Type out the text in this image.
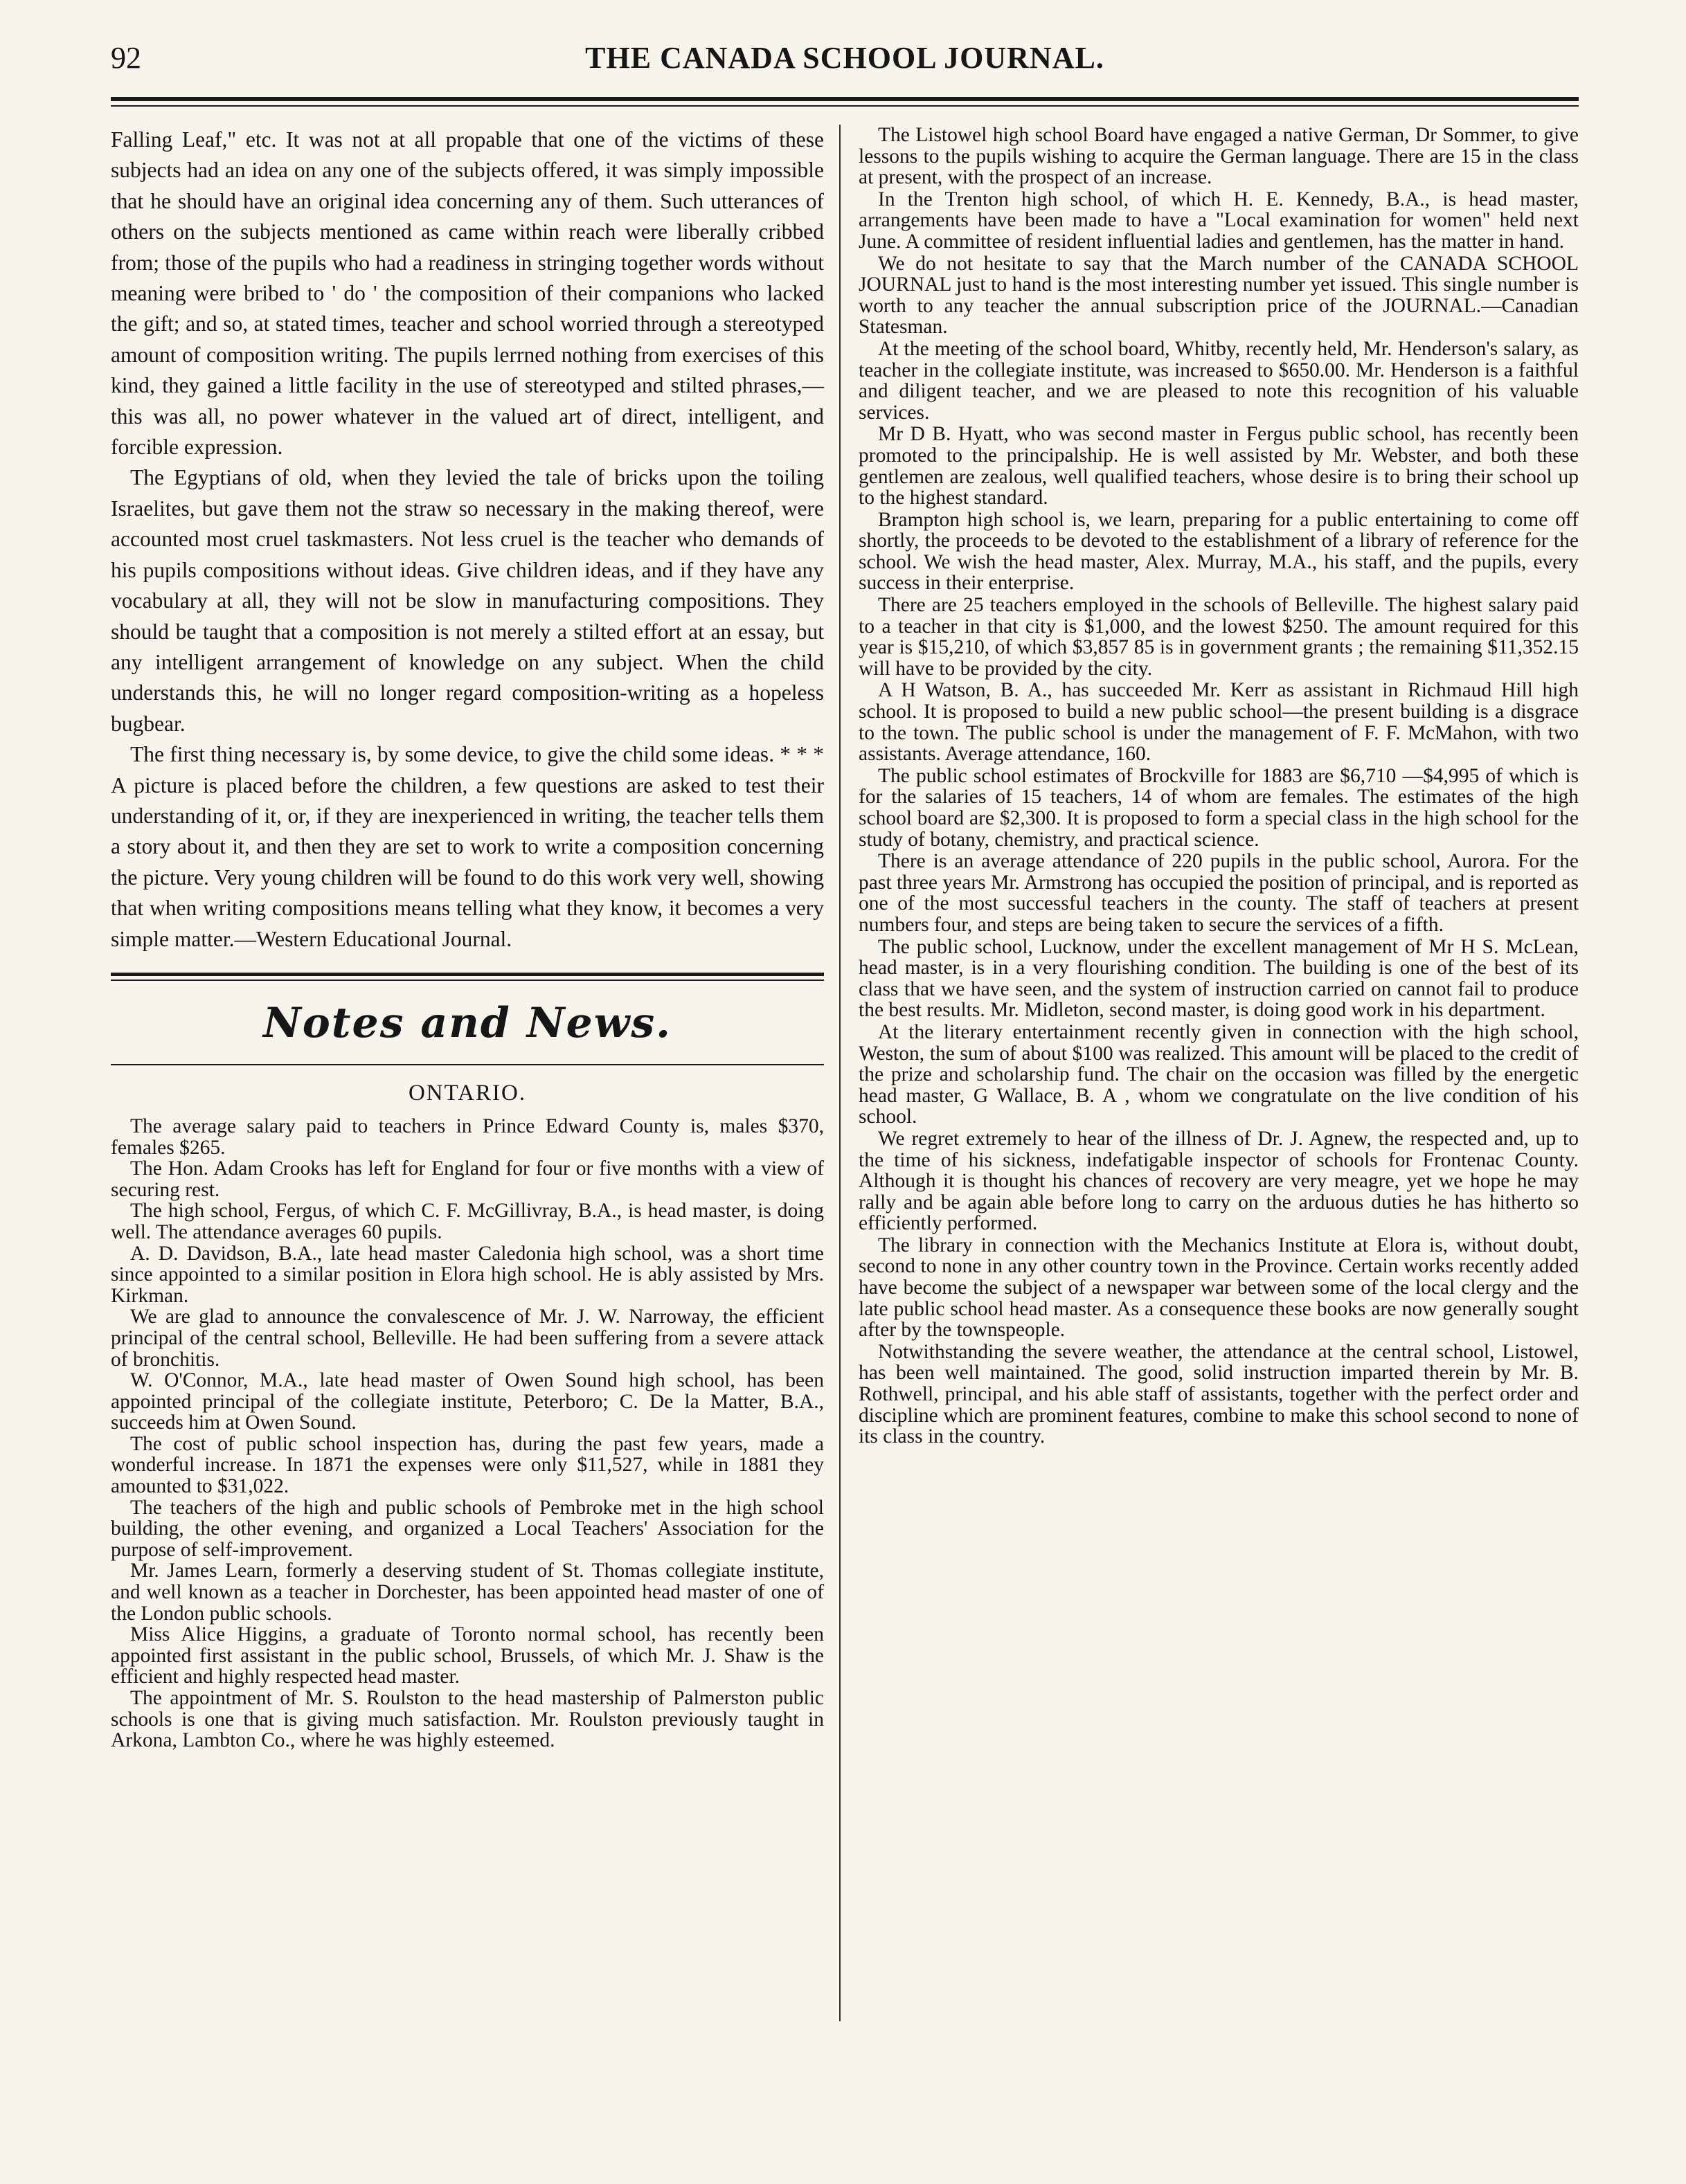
92	THE CANADA SCHOOL JOURNAL.

Falling Leaf," etc. It was not at all propable that one of the victims of these subjects had an idea on any one of the subjects offered, it was simply impossible that he should have an original idea concerning any of them. Such utterances of others on the subjects mentioned as came within reach were liberally cribbed from; those of the pupils who had a readiness in stringing together words without meaning were bribed to ' do ' the composition of their companions who lacked the gift; and so, at stated times, teacher and school worried through a stereotyped amount of composition writing. The pupils lerrned nothing from exercises of this kind, they gained a little facility in the use of stereotyped and stilted phrases,—this was all, no power whatever in the valued art of direct, intelligent, and forcible expression.

The Egyptians of old, when they levied the tale of bricks upon the toiling Israelites, but gave them not the straw so necessary in the making thereof, were accounted most cruel taskmasters. Not less cruel is the teacher who demands of his pupils compositions without ideas. Give children ideas, and if they have any vocabulary at all, they will not be slow in manufacturing compositions. They should be taught that a composition is not merely a stilted effort at an essay, but any intelligent arrangement of knowledge on any subject. When the child understands this, he will no longer regard composition-writing as a hopeless bugbear.

The first thing necessary is, by some device, to give the child some ideas. * * * A picture is placed before the children, a few questions are asked to test their understanding of it, or, if they are inexperienced in writing, the teacher tells them a story about it, and then they are set to work to write a composition concerning the picture. Very young children will be found to do this work very well, showing that when writing compositions means telling what they know, it becomes a very simple matter.—Western Educational Journal.

Notes and News.
ONTARIO.

The average salary paid to teachers in Prince Edward County is, males $370, females $265.

The Hon. Adam Crooks has left for England for four or five months with a view of securing rest.

The high school, Fergus, of which C. F. McGillivray, B.A., is head master, is doing well. The attendance averages 60 pupils.

A. D. Davidson, B.A., late head master Caledonia high school, was a short time since appointed to a similar position in Elora high school. He is ably assisted by Mrs. Kirkman.

We are glad to announce the convalescence of Mr. J. W. Narroway, the efficient principal of the central school, Belleville. He had been suffering from a severe attack of bronchitis.

W. O'Connor, M.A., late head master of Owen Sound high school, has been appointed principal of the collegiate institute, Peterboro; C. De la Matter, B.A., succeeds him at Owen Sound.

The cost of public school inspection has, during the past few years, made a wonderful increase. In 1871 the expenses were only $11,527, while in 1881 they amounted to $31,022.

The teachers of the high and public schools of Pembroke met in the high school building, the other evening, and organized a Local Teachers' Association for the purpose of self-improvement.

Mr. James Learn, formerly a deserving student of St. Thomas collegiate institute, and well known as a teacher in Dorchester, has been appointed head master of one of the London public schools.

Miss Alice Higgins, a graduate of Toronto normal school, has recently been appointed first assistant in the public school, Brussels, of which Mr. J. Shaw is the efficient and highly respected head master.

The appointment of Mr. S. Roulston to the head mastership of Palmerston public schools is one that is giving much satisfaction. Mr. Roulston previously taught in Arkona, Lambton Co., where he was highly esteemed.

The Listowel high school Board have engaged a native German, Dr Sommer, to give lessons to the pupils wishing to acquire the German language. There are 15 in the class at present, with the prospect of an increase.

In the Trenton high school, of which H. E. Kennedy, B.A., is head master, arrangements have been made to have a "Local examination for women" held next June. A committee of resident influential ladies and gentlemen, has the matter in hand.

We do not hesitate to say that the March number of the CANADA SCHOOL JOURNAL just to hand is the most interesting number yet issued. This single number is worth to any teacher the annual subscription price of the JOURNAL.—Canadian Statesman.

At the meeting of the school board, Whitby, recently held, Mr. Henderson's salary, as teacher in the collegiate institute, was increased to $650.00. Mr. Henderson is a faithful and diligent teacher, and we are pleased to note this recognition of his valuable services.

Mr D B. Hyatt, who was second master in Fergus public school, has recently been promoted to the principalship. He is well assisted by Mr. Webster, and both these gentlemen are zealous, well qualified teachers, whose desire is to bring their school up to the highest standard.

Brampton high school is, we learn, preparing for a public entertaining to come off shortly, the proceeds to be devoted to the establishment of a library of reference for the school. We wish the head master, Alex. Murray, M.A., his staff, and the pupils, every success in their enterprise.

There are 25 teachers employed in the schools of Belleville. The highest salary paid to a teacher in that city is $1,000, and the lowest $250. The amount required for this year is $15,210, of which $3,857 85 is in government grants ; the remaining $11,352.15 will have to be provided by the city.

A H Watson, B. A., has succeeded Mr. Kerr as assistant in Richmaud Hill high school. It is proposed to build a new public school—the present building is a disgrace to the town. The public school is under the management of F. F. McMahon, with two assistants. Average attendance, 160.

The public school estimates of Brockville for 1883 are $6,710 —$4,995 of which is for the salaries of 15 teachers, 14 of whom are females. The estimates of the high school board are $2,300. It is proposed to form a special class in the high school for the study of botany, chemistry, and practical science.

There is an average attendance of 220 pupils in the public school, Aurora. For the past three years Mr. Armstrong has occupied the position of principal, and is reported as one of the most successful teachers in the county. The staff of teachers at present numbers four, and steps are being taken to secure the services of a fifth.

The public school, Lucknow, under the excellent management of Mr H S. McLean, head master, is in a very flourishing condition. The building is one of the best of its class that we have seen, and the system of instruction carried on cannot fail to produce the best results. Mr. Midleton, second master, is doing good work in his department.

At the literary entertainment recently given in connection with the high school, Weston, the sum of about $100 was realized. This amount will be placed to the credit of the prize and scholarship fund. The chair on the occasion was filled by the energetic head master, G Wallace, B. A , whom we congratulate on the live condition of his school.

We regret extremely to hear of the illness of Dr. J. Agnew, the respected and, up to the time of his sickness, indefatigable inspector of schools for Frontenac County. Although it is thought his chances of recovery are very meagre, yet we hope he may rally and be again able before long to carry on the arduous duties he has hitherto so efficiently performed.

The library in connection with the Mechanics Institute at Elora is, without doubt, second to none in any other country town in the Province. Certain works recently added have become the subject of a newspaper war between some of the local clergy and the late public school head master. As a consequence these books are now generally sought after by the townspeople.

Notwithstanding the severe weather, the attendance at the central school, Listowel, has been well maintained. The good, solid instruction imparted therein by Mr. B. Rothwell, principal, and his able staff of assistants, together with the perfect order and discipline which are prominent features, combine to make this school second to none of its class in the country.
